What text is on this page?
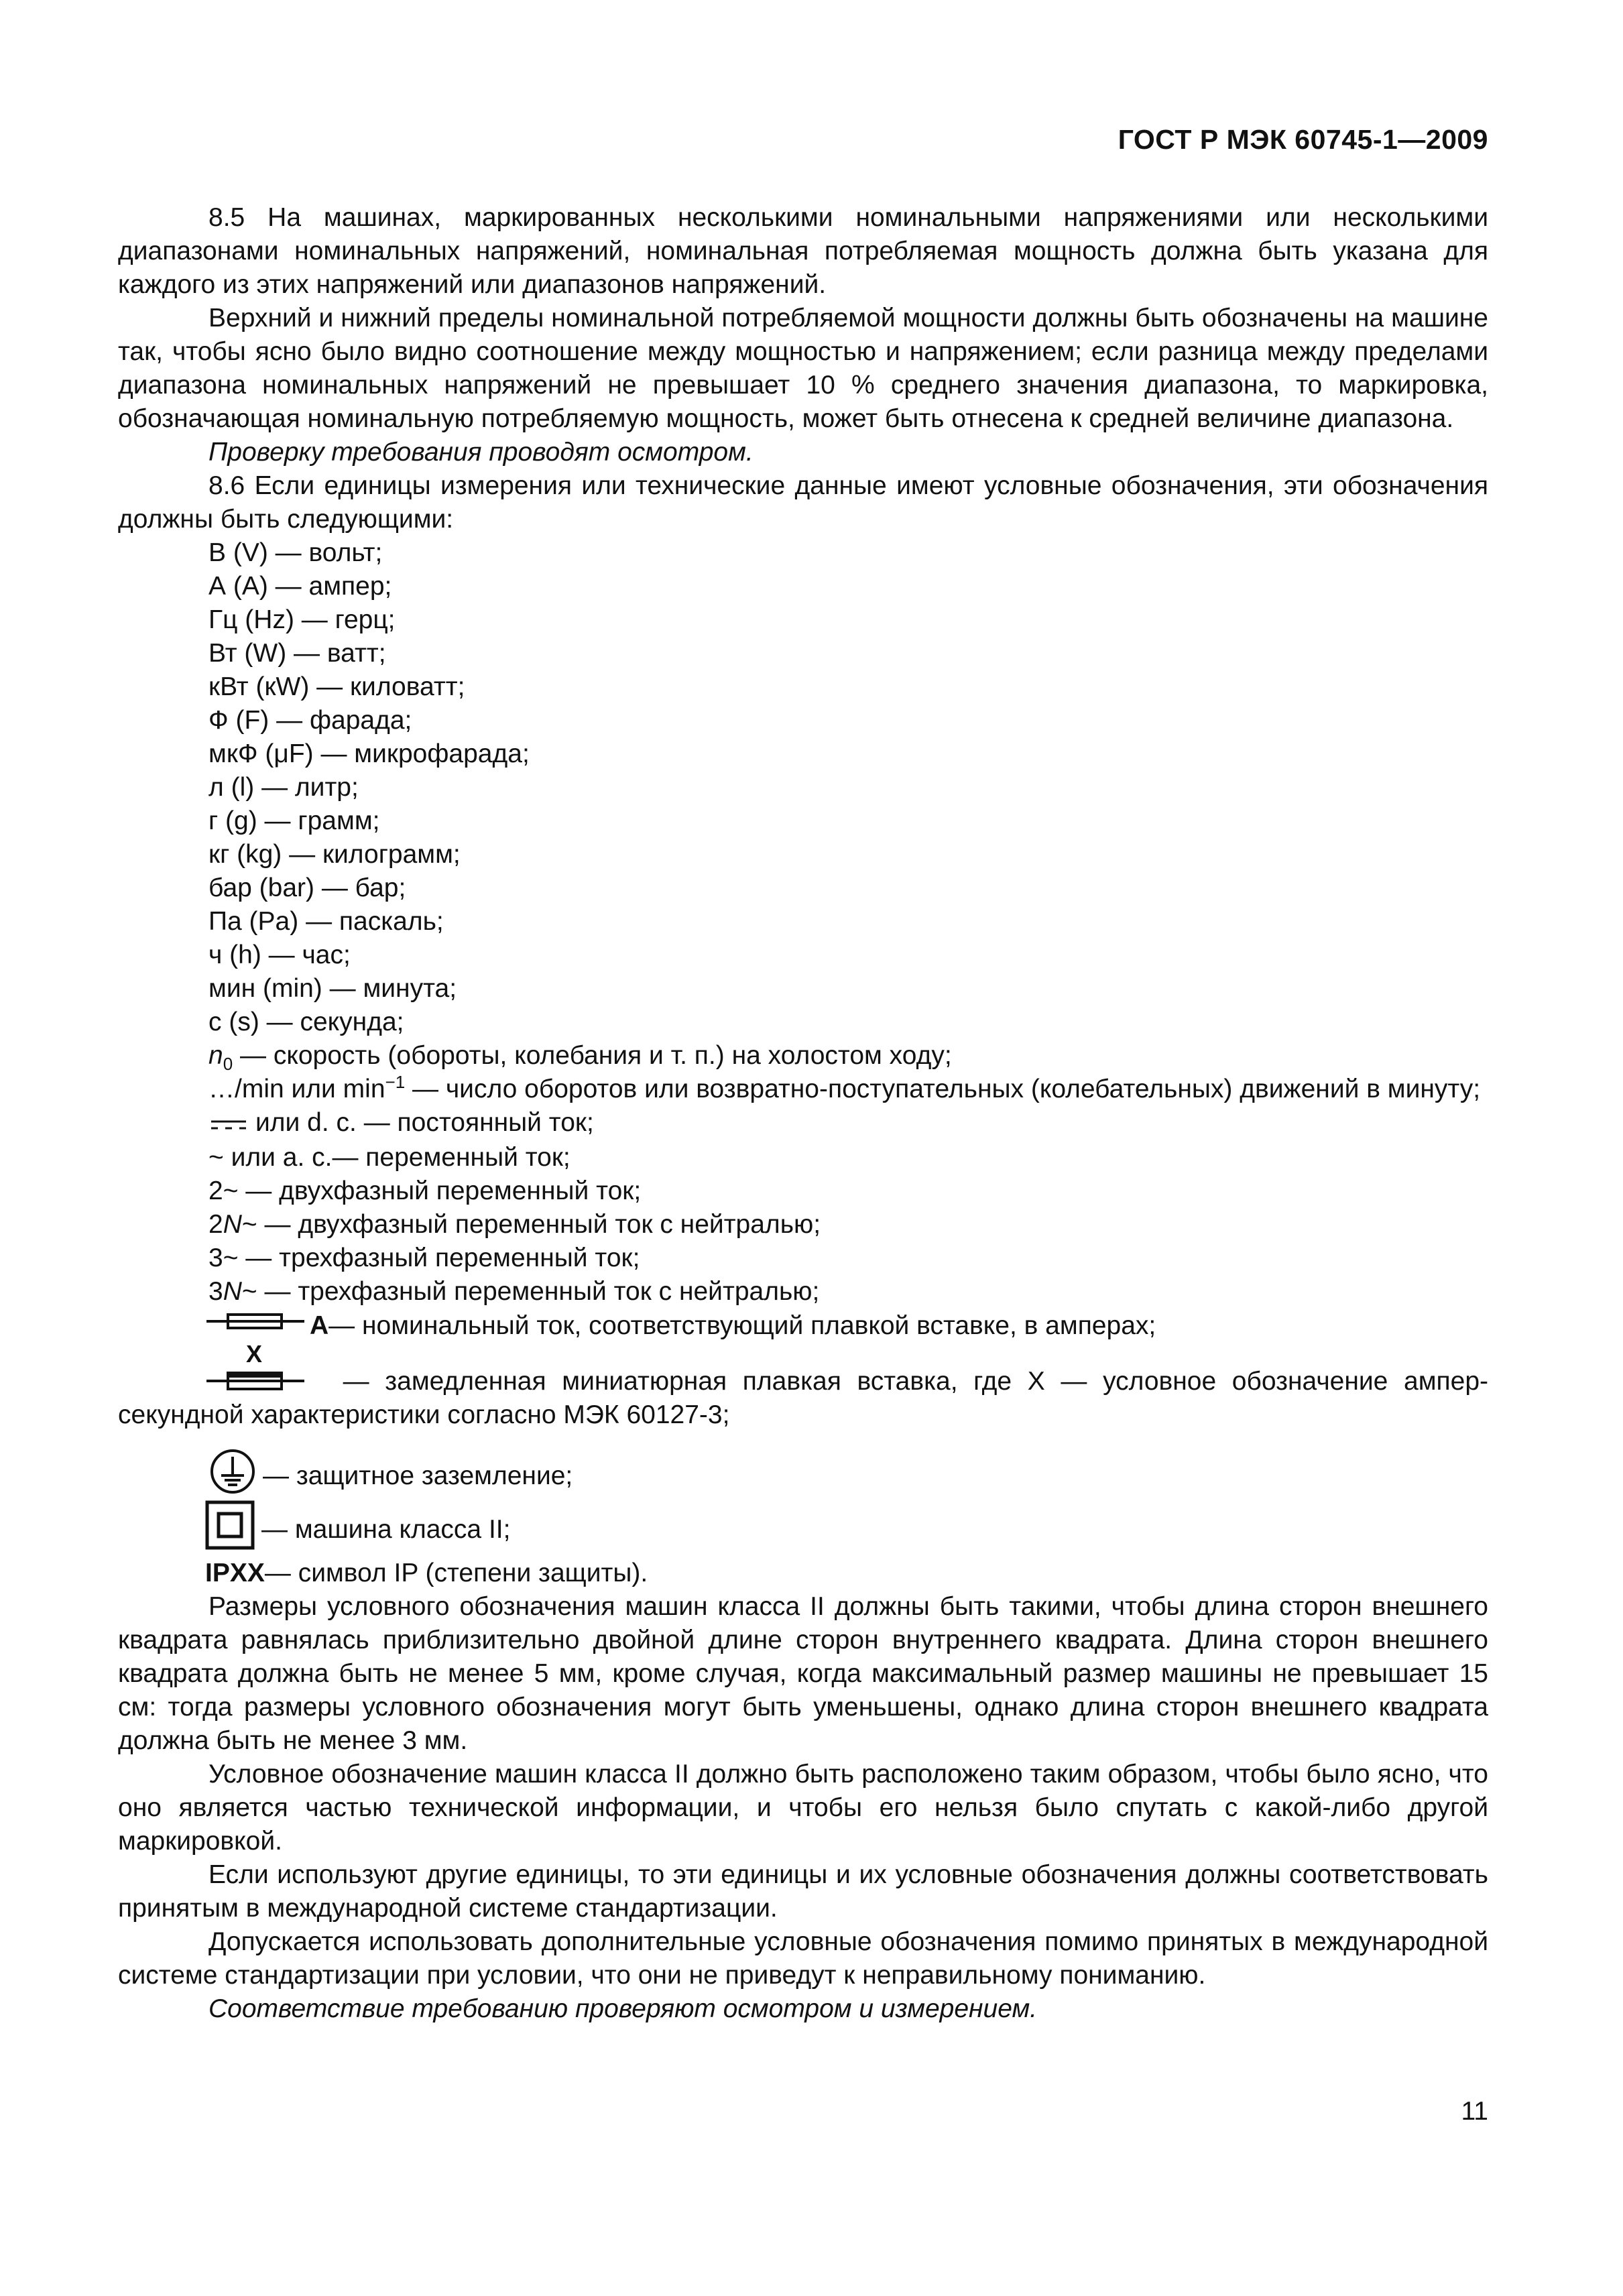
ГОСТ Р МЭК 60745-1—2009

8.5 На машинах, маркированных несколькими номинальными напряжениями или несколькими диапазонами номинальных напряжений, номинальная потребляемая мощность должна быть указана для каждого из этих напряжений или диапазонов напряжений.

Верхний и нижний пределы номинальной потребляемой мощности должны быть обозначены на машине так, чтобы ясно было видно соотношение между мощностью и напряжением; если разница между пределами диапазона номинальных напряжений не превышает 10 % среднего значения диапазона, то маркировка, обозначающая номинальную потребляемую мощность, может быть отнесена к средней величине диапазона.

Проверку требования проводят осмотром.

8.6 Если единицы измерения или технические данные имеют условные обозначения, эти обозначения должны быть следующими:

В (V) — вольт;

А (A) — ампер;

Гц (Hz) — герц;

Вт (W) — ватт;

кВт (кW) — киловатт;

Ф (F) — фарада;

мкФ (μF) — микрофарада;

л (l) — литр;

г (g) — грамм;

кг (kg) — килограмм;

бар (bar) — бар;

Па (Pa) — паскаль;

ч (h) — час;

мин (min) — минута;

с (s) — секунда;

$n_0$ — скорость (обороты, колебания и т. п.) на холостом ходу;

…/min или $\min^{-1}$ — число оборотов или возвратно-поступательных (колебательных) движений в минуту;

или d. c. — постоянный ток;

~ или a. c.— переменный ток;

2~ — двухфазный переменный ток;

2N~ — двухфазный переменный ток с нейтралью;

3~ — трехфазный переменный ток;

3N~ — трехфазный переменный ток с нейтралью;

A — номинальный ток, соответствующий плавкой вставке, в амперах;

X

— замедленная миниатюрная плавкая вставка, где X — условное обозначение ампер-секундной характеристики согласно МЭК 60127-3;

— защитное заземление;

— машина класса II;

IPXX— символ IP (степени защиты).

Размеры условного обозначения машин класса II должны быть такими, чтобы длина сторон внешнего квадрата равнялась приблизительно двойной длине сторон внутреннего квадрата. Длина сторон внешнего квадрата должна быть не менее 5 мм, кроме случая, когда максимальный размер машины не превышает 15 см: тогда размеры условного обозначения могут быть уменьшены, однако длина сторон внешнего квадрата должна быть не менее 3 мм.

Условное обозначение машин класса II должно быть расположено таким образом, чтобы было ясно, что оно является частью технической информации, и чтобы его нельзя было спутать с какой-либо другой маркировкой.

Если используют другие единицы, то эти единицы и их условные обозначения должны соответствовать принятым в международной системе стандартизации.

Допускается использовать дополнительные условные обозначения помимо принятых в международной системе стандартизации при условии, что они не приведут к неправильному пониманию.

Соответствие требованию проверяют осмотром и измерением.

11
